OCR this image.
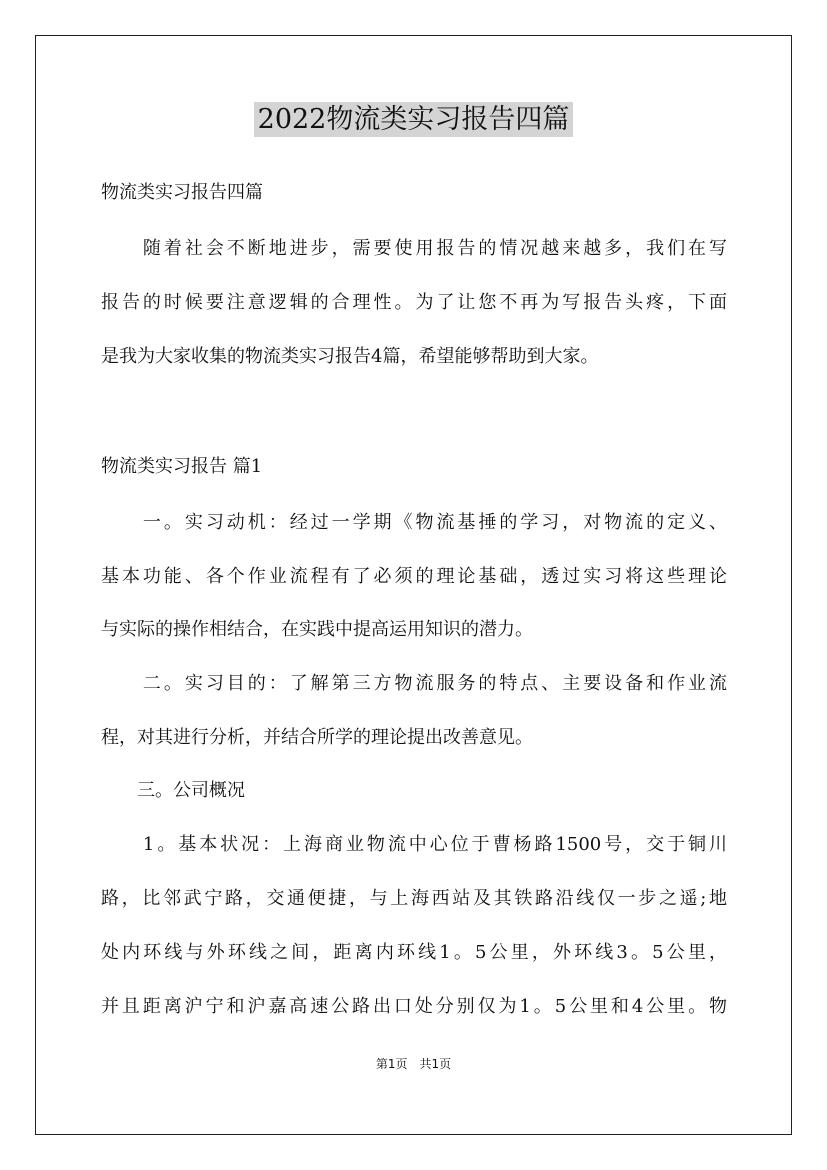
2022物流类实习报告四篇
物流类实习报告四篇
　　随着社会不断地进步，需要使用报告的情况越来越多，我们在写
报告的时候要注意逻辑的合理性。为了让您不再为写报告头疼，下面
是我为大家收集的物流类实习报告4篇，希望能够帮助到大家。
物流类实习报告 篇1
　　一。实习动机：经过一学期《物流基捶的学习，对物流的定义、
基本功能、各个作业流程有了必须的理论基础，透过实习将这些理论
与实际的操作相结合，在实践中提高运用知识的潜力。
　　二。实习目的：了解第三方物流服务的特点、主要设备和作业流
程，对其进行分析，并结合所学的理论提出改善意见。
　　三。公司概况
　　1。基本状况：上海商业物流中心位于曹杨路1500号，交于铜川
路，比邻武宁路，交通便捷，与上海西站及其铁路沿线仅一步之遥;地
处内环线与外环线之间，距离内环线1。5公里，外环线3。5公里，
并且距离沪宁和沪嘉高速公路出口处分别仅为1。5公里和4公里。物
第1页　共1页
